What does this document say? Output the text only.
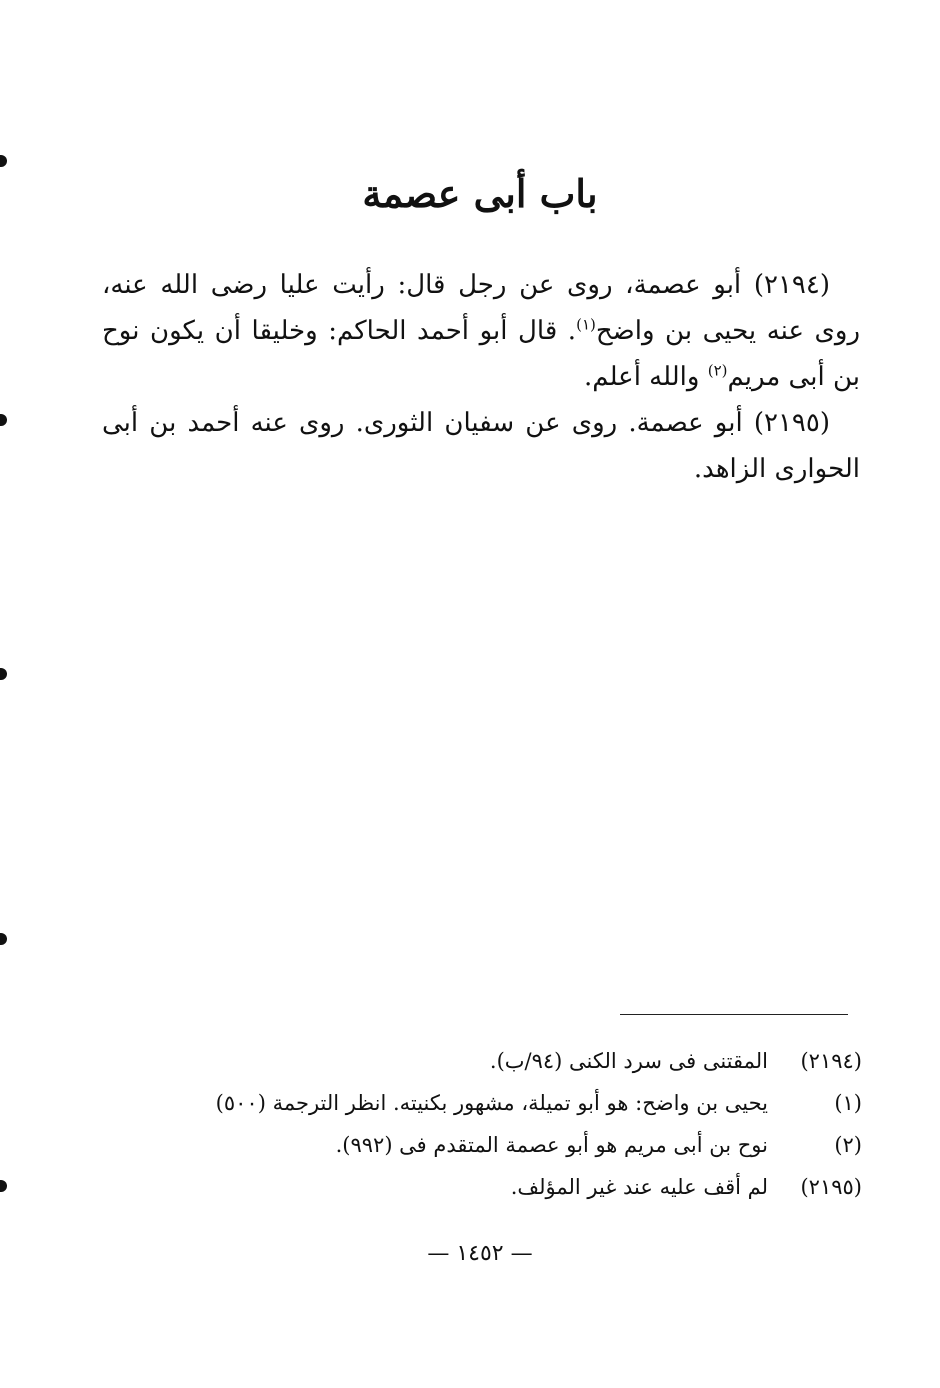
باب أبى عصمة

(٢١٩٤) أبو عصمة، روى عن رجل قال: رأيت عليا رضى الله عنه، روى عنه يحيى بن واضح$^{(١)}$. قال أبو أحمد الحاكم: وخليقا أن يكون نوح بن أبى مريم$^{(٢)}$ والله أعلم.

(٢١٩٥) أبو عصمة. روى عن سفيان الثورى. روى عنه أحمد بن أبى الحوارى الزاهد.

(٢١٩٤)
المقتنى فى سرد الكنى (٩٤/ب).
(١)
يحيى بن واضح: هو أبو تميلة، مشهور بكنيته. انظر الترجمة (٥٠٠)
(٢)
نوح بن أبى مريم هو أبو عصمة المتقدم فى (٩٩٢).
(٢١٩٥)
لم أقف عليه عند غير المؤلف.

— ١٤٥٢ —
